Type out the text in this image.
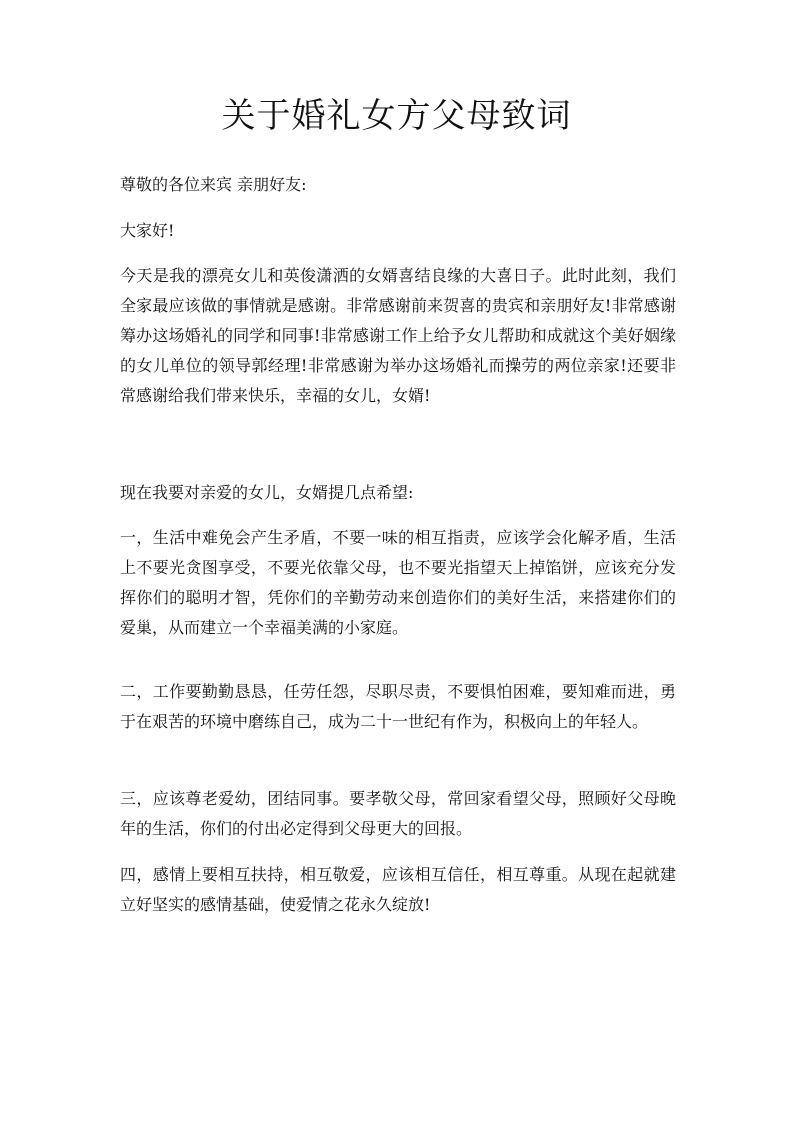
关于婚礼女方父母致词

尊敬的各位来宾 亲朋好友:

大家好!

今天是我的漂亮女儿和英俊潇洒的女婿喜结良缘的大喜日子。此时此刻，我们全家最应该做的事情就是感谢。非常感谢前来贺喜的贵宾和亲朋好友!非常感谢筹办这场婚礼的同学和同事!非常感谢工作上给予女儿帮助和成就这个美好姻缘的女儿单位的领导郭经理!非常感谢为举办这场婚礼而操劳的两位亲家!还要非常感谢给我们带来快乐，幸福的女儿，女婿!

现在我要对亲爱的女儿，女婿提几点希望:

一，生活中难免会产生矛盾，不要一味的相互指责，应该学会化解矛盾，生活上不要光贪图享受，不要光依靠父母，也不要光指望天上掉馅饼，应该充分发挥你们的聪明才智，凭你们的辛勤劳动来创造你们的美好生活，来搭建你们的爱巢，从而建立一个幸福美满的小家庭。

二，工作要勤勤恳恳，任劳任怨，尽职尽责，不要惧怕困难，要知难而进，勇于在艰苦的环境中磨练自己，成为二十一世纪有作为，积极向上的年轻人。

三，应该尊老爱幼，团结同事。要孝敬父母，常回家看望父母，照顾好父母晚年的生活，你们的付出必定得到父母更大的回报。

四，感情上要相互扶持，相互敬爱，应该相互信任，相互尊重。从现在起就建立好坚实的感情基础，使爱情之花永久绽放!
